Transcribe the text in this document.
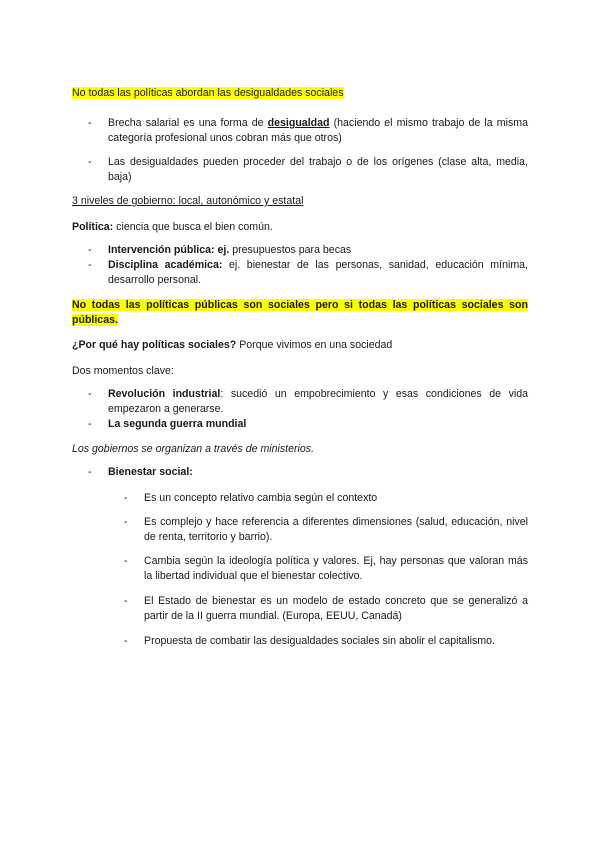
No todas las políticas abordan las desigualdades sociales
-	Brecha salarial es una forma de desigualdad (haciendo el mismo trabajo de la misma categoría profesional unos cobran más que otros)
-	Las desigualdades pueden proceder del trabajo o de los orígenes (clase alta, media, baja)
3 niveles de gobierno: local, autonómico y estatal
Política: ciencia que busca el bien común.
-	Intervención pública: ej. presupuestos para becas
-	Disciplina académica: ej. bienestar de las personas, sanidad, educación mínima, desarrollo personal.
No todas las políticas públicas son sociales pero si todas las políticas sociales son públicas.
¿Por qué hay políticas sociales? Porque vivimos en una sociedad
Dos momentos clave:
-	Revolución industrial: sucedió un empobrecimiento y esas condiciones de vida empezaron a generarse.
-	La segunda guerra mundial
Los gobiernos se organizan a través de ministerios.
-	Bienestar social:
-	Es un concepto relativo cambia según el contexto
-	Es complejo y hace referencia a diferentes dimensiones (salud, educación, nivel de renta, territorio y barrio).
-	Cambia según la ideología política y valores. Ej, hay personas que valoran más la libertad individual que el bienestar colectivo.
-	El Estado de bienestar es un modelo de estado concreto que se generalizó a partir de la II guerra mundial. (Europa, EEUU, Canadá)
-	Propuesta de combatir las desigualdades sociales sin abolir el capitalismo.
